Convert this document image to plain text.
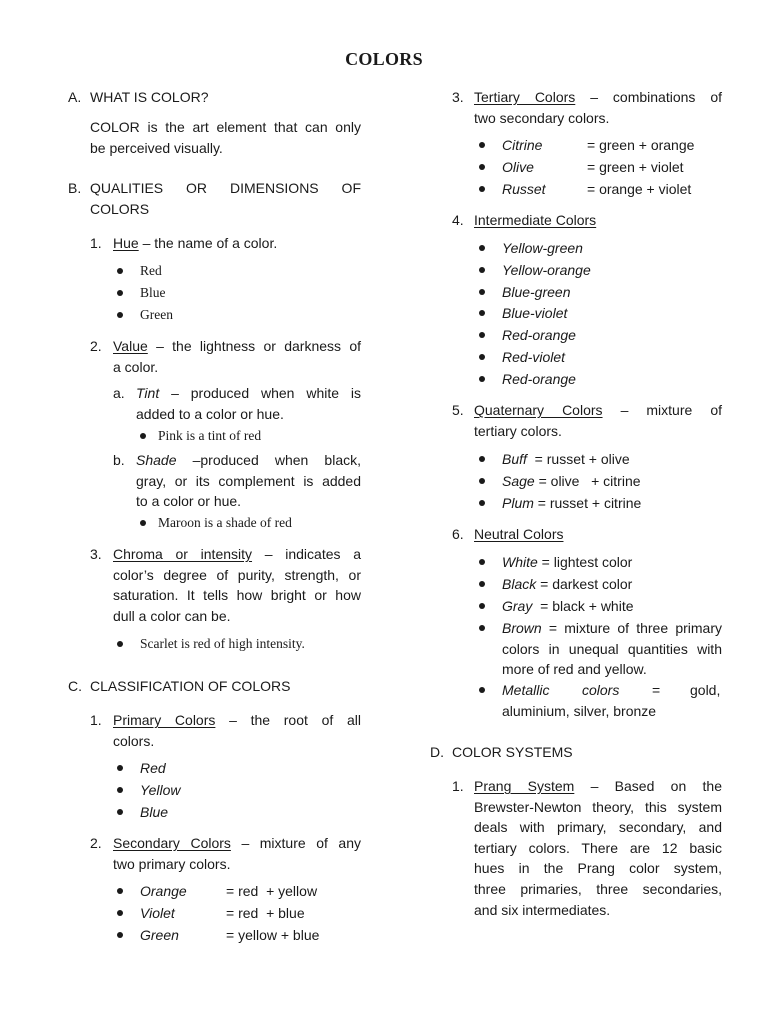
COLORS
A. WHAT IS COLOR?
COLOR is the art element that can only
be perceived visually.
B. QUALITIES OR DIMENSIONS OF
COLORS
1. Hue – the name of a color.
Red
Blue
Green
2. Value – the lightness or darkness of
a color.
a. Tint – produced when white is
added to a color or hue.
Pink is a tint of red
b. Shade –produced when black,
gray, or its complement is added
to a color or hue.
Maroon is a shade of red
3. Chroma or intensity – indicates a
color’s degree of purity, strength, or
saturation. It tells how bright or how
dull a color can be.
Scarlet is red of high intensity.
C. CLASSIFICATION OF COLORS
1. Primary Colors – the root of all
colors.
Red
Yellow
Blue
2. Secondary Colors – mixture of any
two primary colors.
Orange	= red  + yellow
Violet	= red  + blue
Green	= yellow + blue
3. Tertiary Colors – combinations of
two secondary colors.
Citrine	= green + orange
Olive	= green + violet
Russet	= orange + violet
4. Intermediate Colors
Yellow-green
Yellow-orange
Blue-green
Blue-violet
Red-orange
Red-violet
Red-orange
5. Quaternary Colors – mixture of
tertiary colors.
Buff  = russet + olive
Sage = olive   + citrine
Plum = russet + citrine
6. Neutral Colors
White = lightest color
Black = darkest color
Gray  = black + white
Brown = mixture of three primary
colors in unequal quantities with
more of red and yellow.
Metallic colors = gold,
aluminium, silver, bronze
D. COLOR SYSTEMS
1. Prang System – Based on the
Brewster-Newton theory, this system
deals with primary, secondary, and
tertiary colors. There are 12 basic
hues in the Prang color system,
three primaries, three secondaries,
and six intermediates.
